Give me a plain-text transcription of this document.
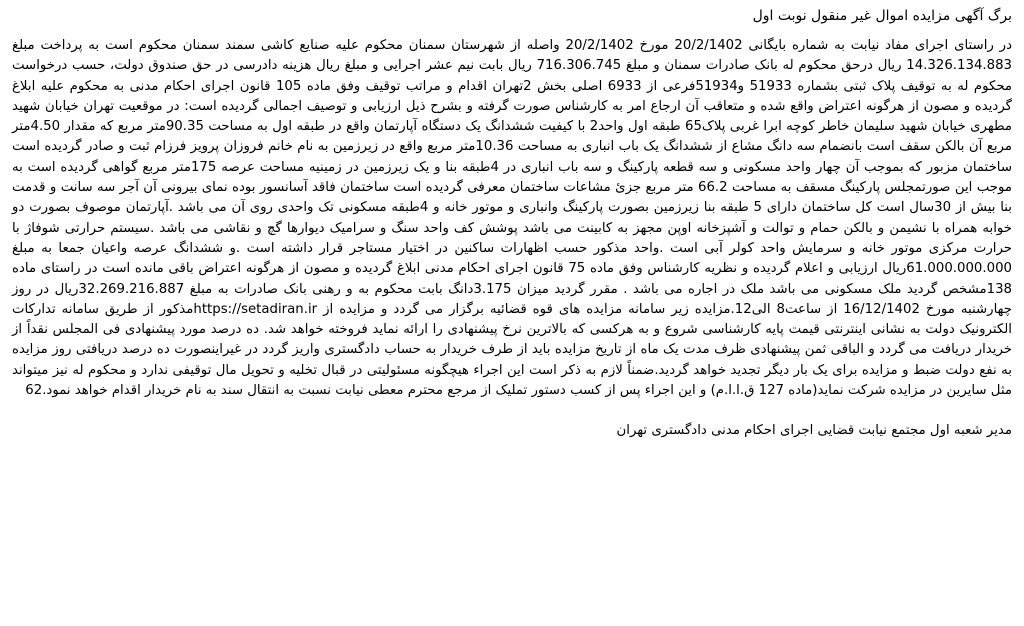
برگ آگهی مزایده اموال غیر منقول نوبت اول

در راستای اجرای مفاد نیابت به شماره بایگانی 20/2/1402 مورخ 20/2/1402 واصله از شهرستان سمنان محکوم علیه صنایع کاشی سمند سمنان محکوم است به پرداخت مبلغ 14.326.134.883 ریال درحق محکوم له بانک صادرات سمنان و مبلغ 716.306.745 ریال بابت نیم عشر اجرایی و مبلغ ریال هزینه دادرسی در حق صندوق دولت، حسب درخواست محکوم له به توقیف پلاک ثبتی بشماره 51933 و51934فرعی از 6933 اصلی بخش 2تهران اقدام و مراتب توقیف وفق ماده 105 قانون اجرای احکام مدنی به محکوم علیه ابلاغ گردیده و مصون از هرگونه اعتراض واقع شده و متعاقب آن ارجاع امر به کارشناس صورت گرفته و بشرح ذیل ارزیابی و توصیف اجمالی گردیده است: در موقعیت تهران خیابان شهید مطهری خیابان شهید سلیمان خاطر کوچه ابرا غربی پلاک65 طبقه اول واحد2 با کیفیت ششدانگ یک دستگاه آپارتمان واقع در طبقه اول به مساحت 90.35متر مربع که مقدار 4.50متر مربع آن بالکن سقف است بانضمام سه دانگ مشاع از ششدانگ یک باب انباری به مساحت 10.36متر مربع واقع در زیرزمین به نام خانم فروزان پرویز فرزام ثبت و صادر گردیده است ساختمان مزبور که بموجب آن چهار واحد مسکونی و سه قطعه پارکینگ و سه باب انباری در 4طبقه بنا و یک زیرزمین در زمینیه مساحت عرصه 175متر مربع گواهی گردیده است به موجب این صورتمجلس پارکینگ مسقف به مساحت 66.2 متر مربع جزئ مشاعات ساختمان معرفی گردیده است ساختمان فاقد آسانسور بوده نمای بیرونی آن آجر سه سانت و قدمت بنا بیش از 30سال است کل ساختمان دارای 5 طبقه بنا زیرزمین بصورت پارکینگ وانباری و موتور خانه و 4طبقه مسکونی تک واحدی روی آن می باشد .آپارتمان موصوف بصورت دو خوابه همراه با نشیمن و بالکن حمام و توالت و آشپزخانه اوپن مجهز به کابینت می باشد پوشش کف واحد سنگ و سرامیک دیوارها گچ و نقاشی می باشد .سیستم حرارتی شوفاژ با حرارت مرکزی موتور خانه و سرمایش واحد کولر آبی است .واحد مذکور حسب اظهارات ساکنین در اختیار مستاجر قرار داشته است .و ششدانگ عرصه واعیان جمعا به مبلغ 61.000.000.000ریال ارزیابی و اعلام گردیده و نظریه کارشناس وفق ماده 75 قانون اجرای احکام مدنی ابلاغ گردیده و مصون از هرگونه اعتراض باقی مانده است در راستای ماده 138مشخص گردید ملک مسکونی می باشد ملک در اجاره می باشد . مقرر گردید میزان 3.175دانگ بابت محکوم به و رهنی بانک صادرات به مبلغ 32.269.216.887ریال در روز چهارشنبه مورخ 16/12/1402 از ساعت8 الی12.مزایده زیر سامانه مزایده های قوه قضائیه برگزار می گردد و مزایده از https://setadiran.irمذکور از طریق سامانه تدارکات الکترونیک دولت به نشانی اینترنتی قیمت پایه کارشناسی شروع و به هرکسی که بالاترین نرخ پیشنهادی را ارائه نماید فروخته خواهد شد. ده درصد مورد پیشنهادی فی المجلس نقداً از خریدار دریافت می گردد و الباقی ثمن پیشنهادی ظرف مدت یک ماه از تاریخ مزایده باید از طرف خریدار به حساب دادگستری واریز گردد در غیراینصورت ده درصد دریافتی روز مزایده به نفع دولت ضبط و مزایده برای یک بار دیگر تجدید خواهد گردید.ضمناً لازم به ذکر است این اجراء هیچگونه مسئولیتی در قبال تخلیه و تحویل مال توقیفی ندارد و محکوم له نیز میتواند مثل سایرین در مزایده شرکت نماید(ماده 127 ق.ا.ا.م) و این اجراء پس از کسب دستور تملیک از مرجع محترم معطی نیابت نسبت به انتقال سند به نام خریدار اقدام خواهد نمود.62

مدیر شعبه اول مجتمع نیابت قضایی اجرای احکام مدنی دادگستری تهران
